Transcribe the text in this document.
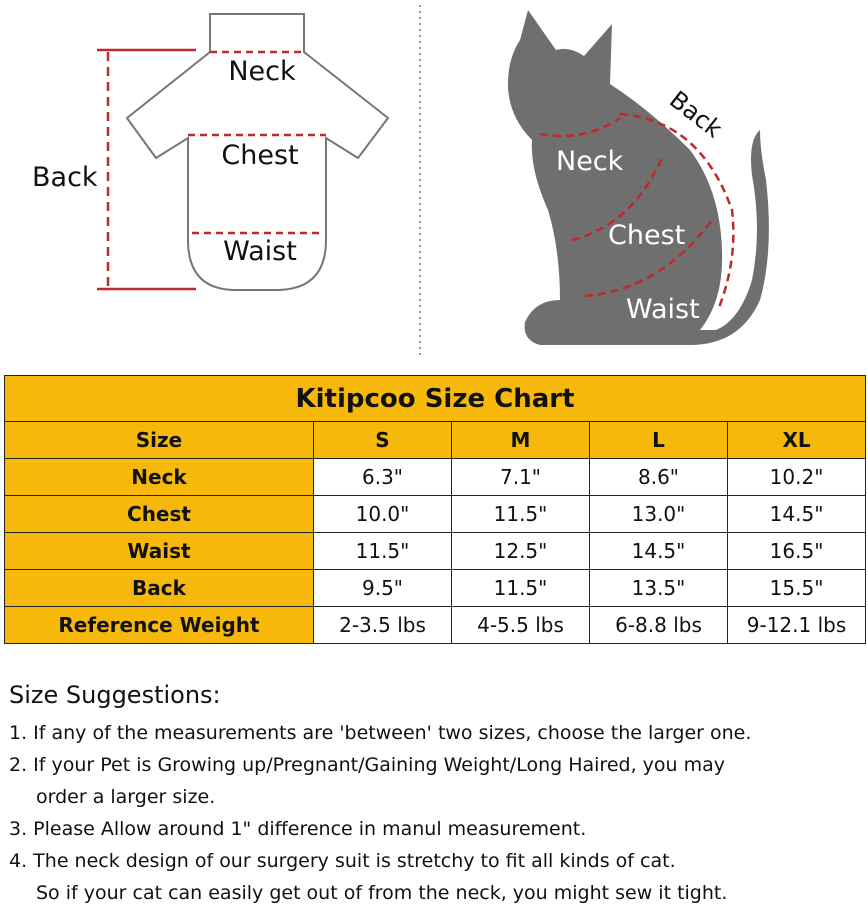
Neck
Chest
Waist
Back
Neck
Chest
Waist
Back
Kitipcoo Size Chart				
Size	S	M	L	XL
Neck	6.3"	7.1"	8.6"	10.2"
Chest	10.0"	11.5"	13.0"	14.5"
Waist	11.5"	12.5"	14.5"	16.5"
Back	9.5"	11.5"	13.5"	15.5"
Reference Weight	2-3.5 lbs	4-5.5 lbs	6-8.8 lbs	9-12.1 lbs
Size Suggestions:
1. If any of the measurements are 'between' two sizes, choose the larger one.
2. If your Pet is Growing up/Pregnant/Gaining Weight/Long Haired, you may
order a larger size.
3. Please Allow around 1" difference in manul measurement.
4. The neck design of our surgery suit is stretchy to fit all kinds of cat.
So if your cat can easily get out of from the neck, you might sew it tight.
